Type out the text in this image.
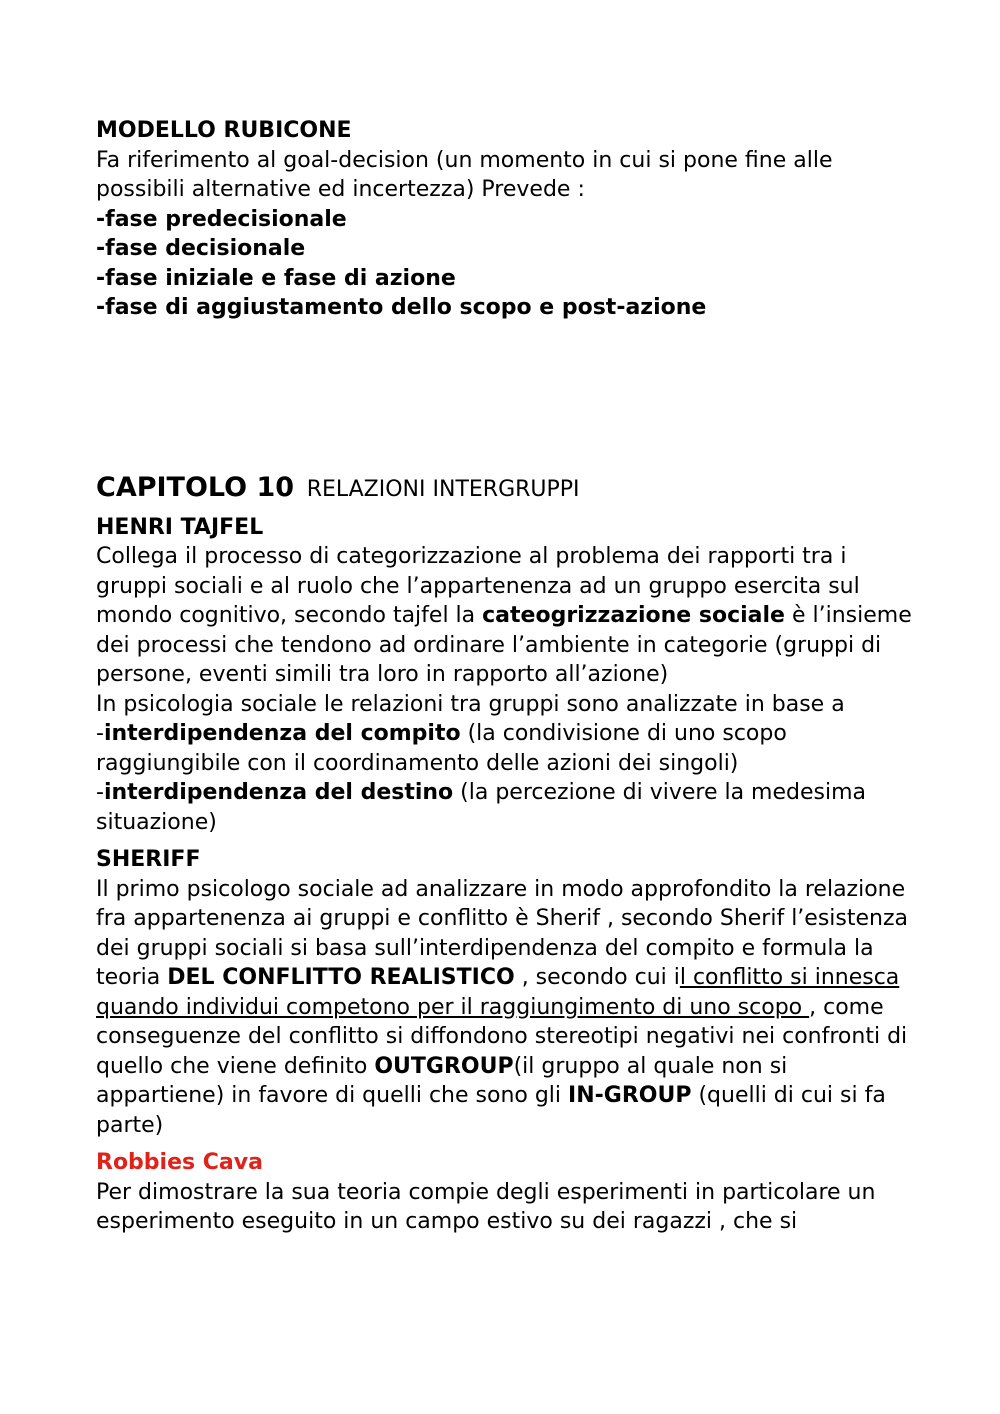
MODELLO RUBICONE

Fa riferimento al goal-decision (un momento in cui si pone fine alle possibili alternative ed incertezza) Prevede :

-fase predecisionale

-fase decisionale

-fase iniziale e fase di azione

-fase di aggiustamento dello scopo e post-azione

CAPITOLO 10 RELAZIONI INTERGRUPPI

HENRI TAJFEL

Collega il processo di categorizzazione al problema dei rapporti tra i gruppi sociali e al ruolo che l’appartenenza ad un gruppo esercita sul mondo cognitivo, secondo tajfel la cateogrizzazione sociale è l’insieme dei processi che tendono ad ordinare l’ambiente in categorie (gruppi di persone, eventi simili tra loro in rapporto all’azione)

In psicologia sociale le relazioni tra gruppi sono analizzate in base a

-interdipendenza del compito (la condivisione di uno scopo raggiungibile con il coordinamento delle azioni dei singoli)

-interdipendenza del destino (la percezione di vivere la medesima situazione)

SHERIFF

Il primo psicologo sociale ad analizzare in modo approfondito la relazione fra appartenenza ai gruppi e conflitto è Sherif , secondo Sherif l’esistenza dei gruppi sociali si basa sull’interdipendenza del compito e formula la teoria DEL CONFLITTO REALISTICO , secondo cui il conflitto si innesca quando individui competono per il raggiungimento di uno scopo , come conseguenze del conflitto si diffondono stereotipi negativi nei confronti di quello che viene definito OUTGROUP(il gruppo al quale non si appartiene) in favore di quelli che sono gli IN-GROUP (quelli di cui si fa parte)

Robbies Cava

Per dimostrare la sua teoria compie degli esperimenti in particolare un esperimento eseguito in un campo estivo su dei ragazzi , che si
